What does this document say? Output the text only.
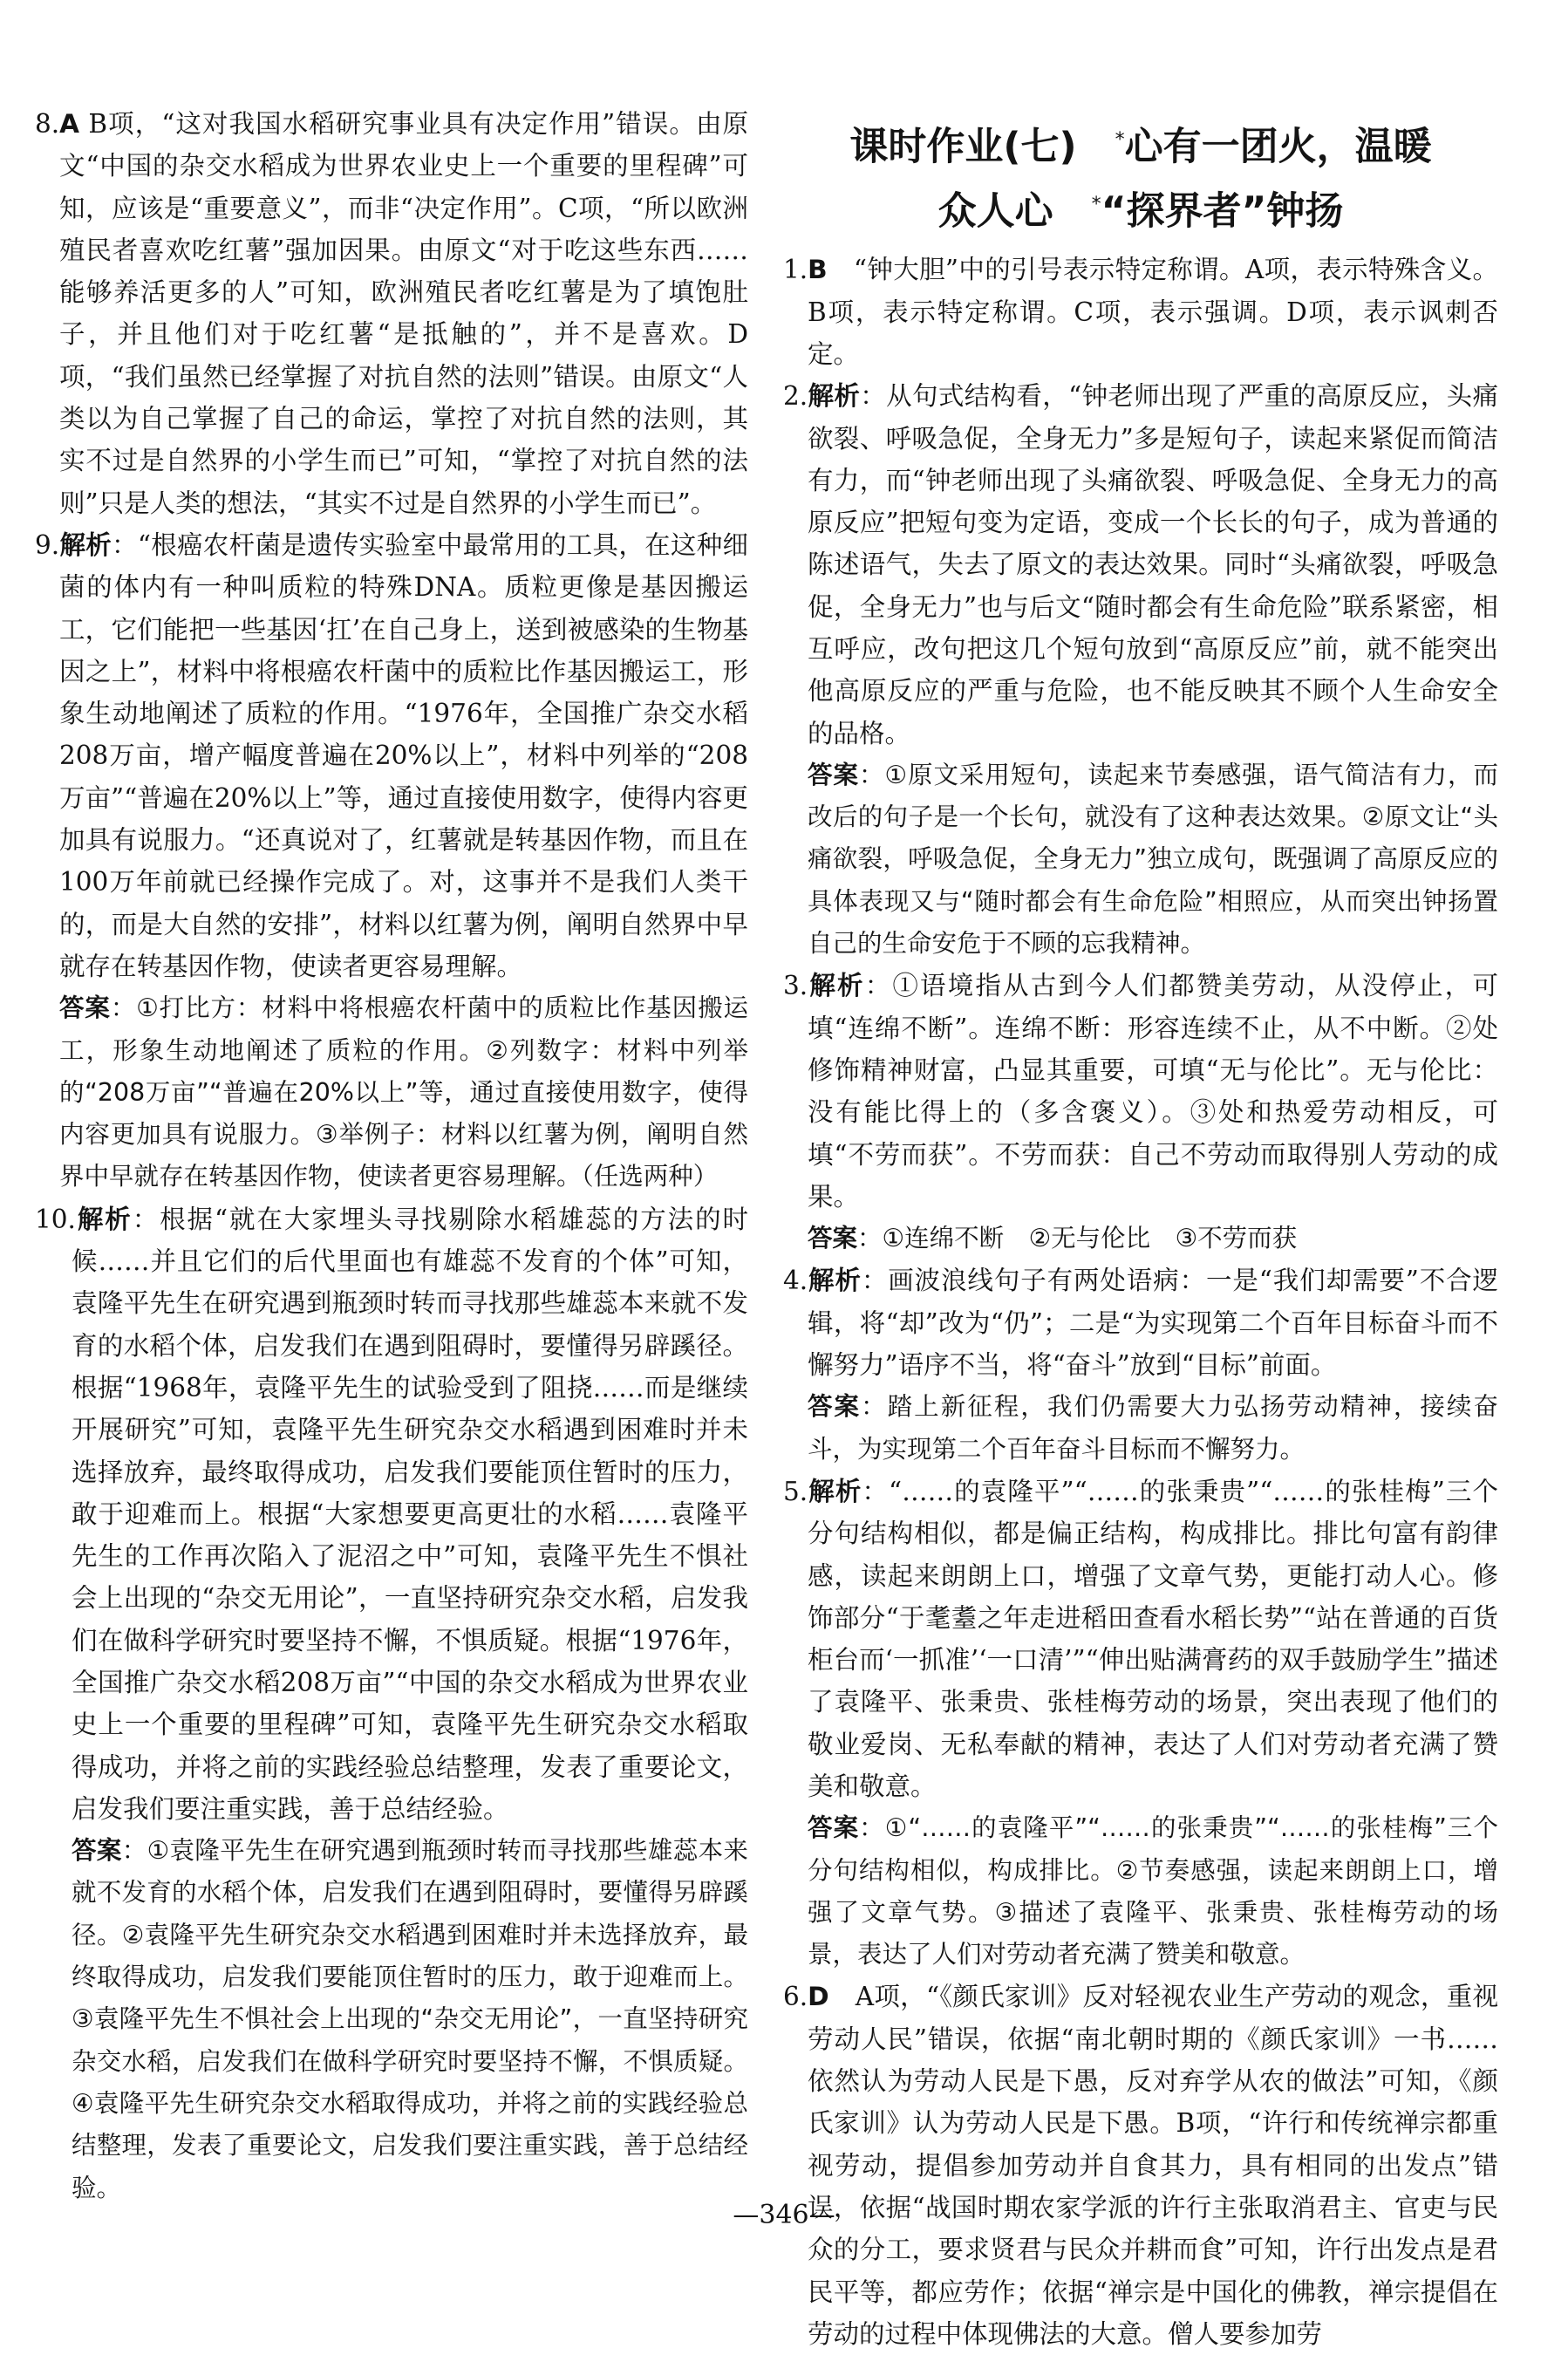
8.A B项，“这对我国水稻研究事业具有决定作用”错误。由原文“中国的杂交水稻成为世界农业史上一个重要的里程碑”可知，应该是“重要意义”，而非“决定作用”。C项，“所以欧洲殖民者喜欢吃红薯”强加因果。由原文“对于吃这些东西……能够养活更多的人”可知，欧洲殖民者吃红薯是为了填饱肚子，并且他们对于吃红薯“是抵触的”，并不是喜欢。D项，“我们虽然已经掌握了对抗自然的法则”错误。由原文“人类以为自己掌握了自己的命运，掌控了对抗自然的法则，其实不过是自然界的小学生而已”可知，“掌控了对抗自然的法则”只是人类的想法，“其实不过是自然界的小学生而已”。

9.解析：“根癌农杆菌是遗传实验室中最常用的工具，在这种细菌的体内有一种叫质粒的特殊DNA。质粒更像是基因搬运工，它们能把一些基因‘扛’在自己身上，送到被感染的生物基因之上”，材料中将根癌农杆菌中的质粒比作基因搬运工，形象生动地阐述了质粒的作用。“1976年，全国推广杂交水稻208万亩，增产幅度普遍在20%以上”，材料中列举的“208万亩”“普遍在20%以上”等，通过直接使用数字，使得内容更加具有说服力。“还真说对了，红薯就是转基因作物，而且在100万年前就已经操作完成了。对，这事并不是我们人类干的，而是大自然的安排”，材料以红薯为例，阐明自然界中早就存在转基因作物，使读者更容易理解。

答案：①打比方：材料中将根癌农杆菌中的质粒比作基因搬运工，形象生动地阐述了质粒的作用。②列数字：材料中列举的“208万亩”“普遍在20%以上”等，通过直接使用数字，使得内容更加具有说服力。③举例子：材料以红薯为例，阐明自然界中早就存在转基因作物，使读者更容易理解。（任选两种）

10.解析：根据“就在大家埋头寻找剔除水稻雄蕊的方法的时候……并且它们的后代里面也有雄蕊不发育的个体”可知，袁隆平先生在研究遇到瓶颈时转而寻找那些雄蕊本来就不发育的水稻个体，启发我们在遇到阻碍时，要懂得另辟蹊径。根据“1968年，袁隆平先生的试验受到了阻挠……而是继续开展研究”可知，袁隆平先生研究杂交水稻遇到困难时并未选择放弃，最终取得成功，启发我们要能顶住暂时的压力，敢于迎难而上。根据“大家想要更高更壮的水稻……袁隆平先生的工作再次陷入了泥沼之中”可知，袁隆平先生不惧社会上出现的“杂交无用论”，一直坚持研究杂交水稻，启发我们在做科学研究时要坚持不懈，不惧质疑。根据“1976年，全国推广杂交水稻208万亩”“中国的杂交水稻成为世界农业史上一个重要的里程碑”可知，袁隆平先生研究杂交水稻取得成功，并将之前的实践经验总结整理，发表了重要论文，启发我们要注重实践，善于总结经验。

答案：①袁隆平先生在研究遇到瓶颈时转而寻找那些雄蕊本来就不发育的水稻个体，启发我们在遇到阻碍时，要懂得另辟蹊径。②袁隆平先生研究杂交水稻遇到困难时并未选择放弃，最终取得成功，启发我们要能顶住暂时的压力，敢于迎难而上。③袁隆平先生不惧社会上出现的“杂交无用论”，一直坚持研究杂交水稻，启发我们在做科学研究时要坚持不懈，不惧质疑。④袁隆平先生研究杂交水稻取得成功，并将之前的实践经验总结整理，发表了重要论文，启发我们要注重实践，善于总结经验。

课时作业(七)　*心有一团火，温暖
众人心　*“探界者”钟扬

1.B　“钟大胆”中的引号表示特定称谓。A项，表示特殊含义。B项，表示特定称谓。C项，表示强调。D项，表示讽刺否定。

2.解析：从句式结构看，“钟老师出现了严重的高原反应，头痛欲裂、呼吸急促，全身无力”多是短句子，读起来紧促而简洁有力，而“钟老师出现了头痛欲裂、呼吸急促、全身无力的高原反应”把短句变为定语，变成一个长长的句子，成为普通的陈述语气，失去了原文的表达效果。同时“头痛欲裂，呼吸急促，全身无力”也与后文“随时都会有生命危险”联系紧密，相互呼应，改句把这几个短句放到“高原反应”前，就不能突出他高原反应的严重与危险，也不能反映其不顾个人生命安全的品格。

答案：①原文采用短句，读起来节奏感强，语气简洁有力，而改后的句子是一个长句，就没有了这种表达效果。②原文让“头痛欲裂，呼吸急促，全身无力”独立成句，既强调了高原反应的具体表现又与“随时都会有生命危险”相照应，从而突出钟扬置自己的生命安危于不顾的忘我精神。

3.解析：①语境指从古到今人们都赞美劳动，从没停止，可填“连绵不断”。连绵不断：形容连续不止，从不中断。②处修饰精神财富，凸显其重要，可填“无与伦比”。无与伦比：没有能比得上的（多含褒义）。③处和热爱劳动相反，可填“不劳而获”。不劳而获：自己不劳动而取得别人劳动的成果。

答案：①连绵不断　②无与伦比　③不劳而获

4.解析：画波浪线句子有两处语病：一是“我们却需要”不合逻辑，将“却”改为“仍”；二是“为实现第二个百年目标奋斗而不懈努力”语序不当，将“奋斗”放到“目标”前面。

答案：踏上新征程，我们仍需要大力弘扬劳动精神，接续奋斗，为实现第二个百年奋斗目标而不懈努力。

5.解析：“……的袁隆平”“……的张秉贵”“……的张桂梅”三个分句结构相似，都是偏正结构，构成排比。排比句富有韵律感，读起来朗朗上口，增强了文章气势，更能打动人心。修饰部分“于耄耋之年走进稻田查看水稻长势”“站在普通的百货柜台而‘一抓准’‘一口清’”“伸出贴满膏药的双手鼓励学生”描述了袁隆平、张秉贵、张桂梅劳动的场景，突出表现了他们的敬业爱岗、无私奉献的精神，表达了人们对劳动者充满了赞美和敬意。

答案：①“……的袁隆平”“……的张秉贵”“……的张桂梅”三个分句结构相似，构成排比。②节奏感强，读起来朗朗上口，增强了文章气势。③描述了袁隆平、张秉贵、张桂梅劳动的场景，表达了人们对劳动者充满了赞美和敬意。

6.D　A项，“《颜氏家训》反对轻视农业生产劳动的观念，重视劳动人民”错误，依据“南北朝时期的《颜氏家训》一书……依然认为劳动人民是下愚，反对弃学从农的做法”可知，《颜氏家训》认为劳动人民是下愚。B项，“许行和传统禅宗都重视劳动，提倡参加劳动并自食其力，具有相同的出发点”错误，依据“战国时期农家学派的许行主张取消君主、官吏与民众的分工，要求贤君与民众并耕而食”可知，许行出发点是君民平等，都应劳作；依据“禅宗是中国化的佛教，禅宗提倡在劳动的过程中体现佛法的大意。僧人要参加劳

—346—
